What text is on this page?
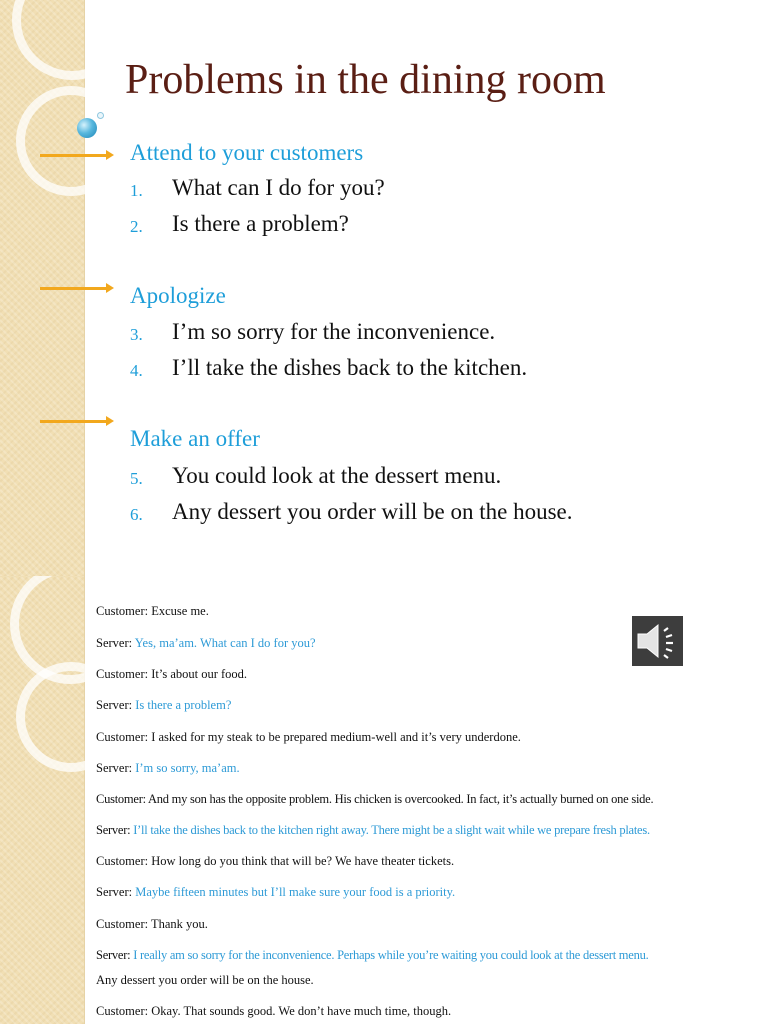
Problems in the dining room
Attend to your customers
1. What can I do for you?
2. Is there a problem?
Apologize
3. I’m so sorry for the inconvenience.
4. I’ll take the dishes back to the kitchen.
Make an offer
5. You could look at the dessert menu.
6. Any dessert you order will be on the house.
Customer: Excuse me.
Server: Yes, ma’am. What can I do for you?
Customer: It’s about our food.
Server: Is there a problem?
Customer: I asked for my steak to be prepared medium-well and it’s very underdone.
Server: I’m so sorry, ma’am.
Customer: And my son has the opposite problem. His chicken is overcooked. In fact, it’s actually burned on one side.
Server: I’ll take the dishes back to the kitchen right away. There might be a slight wait while we prepare fresh plates.
Customer: How long do you think that will be? We have theater tickets.
Server: Maybe fifteen minutes but I’ll make sure your food is a priority.
Customer: Thank you.
Server: I really am so sorry for the inconvenience. Perhaps while you’re waiting you could look at the dessert menu.
Any dessert you order will be on the house.
Customer: Okay. That sounds good. We don’t have much time, though.
